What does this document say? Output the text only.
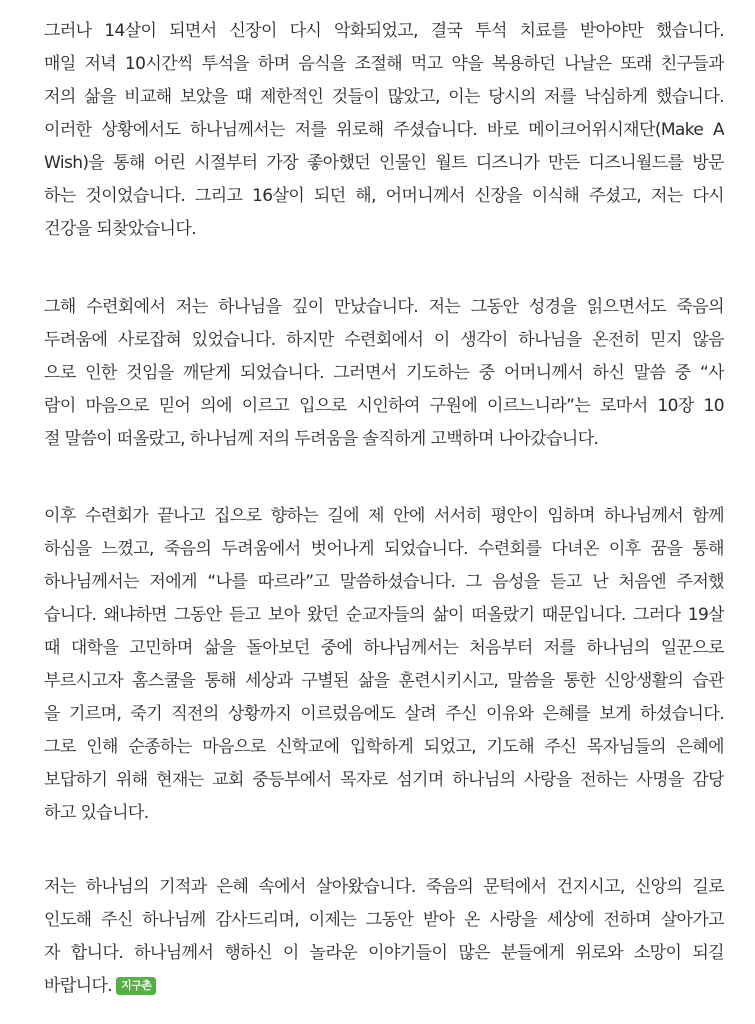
그러나 14살이 되면서 신장이 다시 악화되었고, 결국 투석 치료를 받아야만 했습니다.
매일 저녁 10시간씩 투석을 하며 음식을 조절해 먹고 약을 복용하던 나날은 또래 친구들과
저의 삶을 비교해 보았을 때 제한적인 것들이 많았고, 이는 당시의 저를 낙심하게 했습니다.
이러한 상황에서도 하나님께서는 저를 위로해 주셨습니다. 바로 메이크어위시재단(Make A
Wish)을 통해 어린 시절부터 가장 좋아했던 인물인 월트 디즈니가 만든 디즈니월드를 방문
하는 것이었습니다. 그리고 16살이 되던 해, 어머니께서 신장을 이식해 주셨고, 저는 다시
건강을 되찾았습니다.
그해 수련회에서 저는 하나님을 깊이 만났습니다. 저는 그동안 성경을 읽으면서도 죽음의
두려움에 사로잡혀 있었습니다. 하지만 수련회에서 이 생각이 하나님을 온전히 믿지 않음
으로 인한 것임을 깨닫게 되었습니다. 그러면서 기도하는 중 어머니께서 하신 말씀 중 “사
람이 마음으로 믿어 의에 이르고 입으로 시인하여 구원에 이르느니라”는 로마서 10장 10
절 말씀이 떠올랐고, 하나님께 저의 두려움을 솔직하게 고백하며 나아갔습니다.
이후 수련회가 끝나고 집으로 향하는 길에 제 안에 서서히 평안이 임하며 하나님께서 함께
하심을 느꼈고, 죽음의 두려움에서 벗어나게 되었습니다. 수련회를 다녀온 이후 꿈을 통해
하나님께서는 저에게 “나를 따르라”고 말씀하셨습니다. 그 음성을 듣고 난 처음엔 주저했
습니다. 왜냐하면 그동안 듣고 보아 왔던 순교자들의 삶이 떠올랐기 때문입니다. 그러다 19살
때 대학을 고민하며 삶을 돌아보던 중에 하나님께서는 처음부터 저를 하나님의 일꾼으로
부르시고자 홈스쿨을 통해 세상과 구별된 삶을 훈련시키시고, 말씀을 통한 신앙생활의 습관
을 기르며, 죽기 직전의 상황까지 이르렀음에도 살려 주신 이유와 은혜를 보게 하셨습니다.
그로 인해 순종하는 마음으로 신학교에 입학하게 되었고, 기도해 주신 목자님들의 은혜에
보답하기 위해 현재는 교회 중등부에서 목자로 섬기며 하나님의 사랑을 전하는 사명을 감당
하고 있습니다.
저는 하나님의 기적과 은혜 속에서 살아왔습니다. 죽음의 문턱에서 건지시고, 신앙의 길로
인도해 주신 하나님께 감사드리며, 이제는 그동안 받아 온 사랑을 세상에 전하며 살아가고
자 합니다. 하나님께서 행하신 이 놀라운 이야기들이 많은 분들에게 위로와 소망이 되길
바랍니다. 지구촌
